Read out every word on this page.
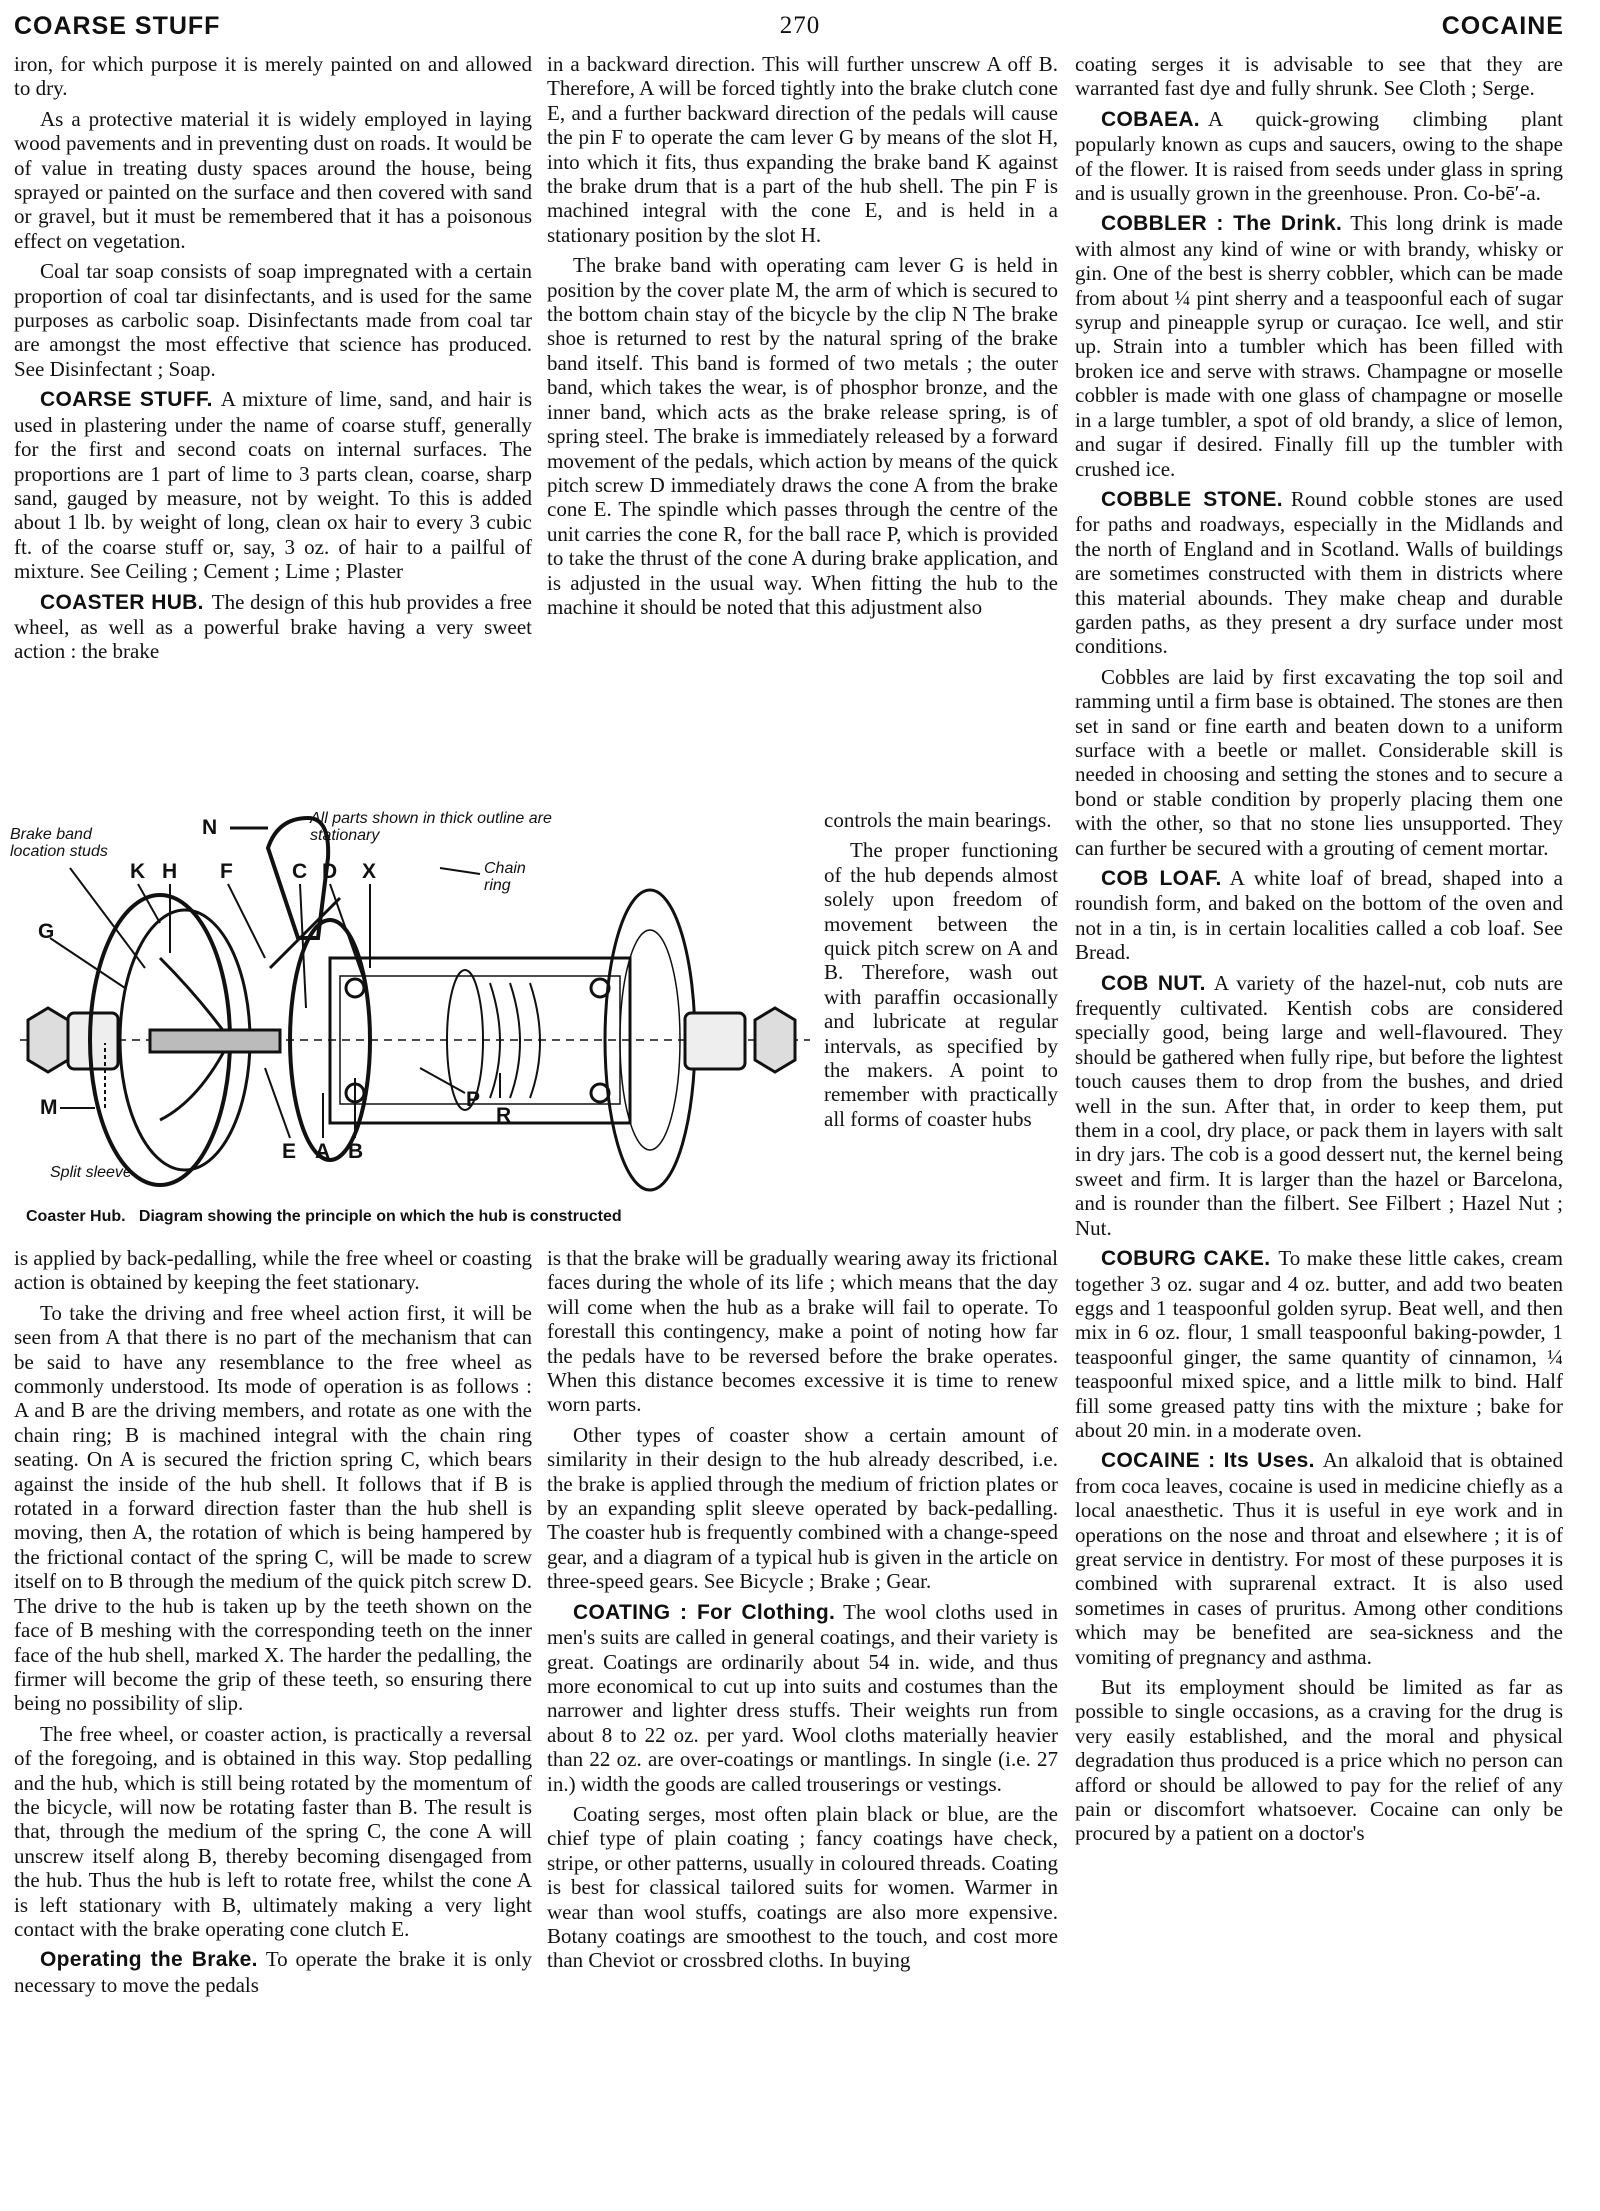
COARSE STUFF	270	COCAINE

iron, for which purpose it is merely painted on and allowed to dry.

As a protective material it is widely employed in laying wood pavements and in preventing dust on roads. It would be of value in treating dusty spaces around the house, being sprayed or painted on the surface and then covered with sand or gravel, but it must be remembered that it has a poisonous effect on vegetation.

Coal tar soap consists of soap impregnated with a certain proportion of coal tar disinfectants, and is used for the same purposes as carbolic soap. Disinfectants made from coal tar are amongst the most effective that science has produced. See Disinfectant ; Soap.

COARSE STUFF. A mixture of lime, sand, and hair is used in plastering under the name of coarse stuff, generally for the first and second coats on internal surfaces. The proportions are 1 part of lime to 3 parts clean, coarse, sharp sand, gauged by measure, not by weight. To this is added about 1 lb. by weight of long, clean ox hair to every 3 cubic ft. of the coarse stuff or, say, 3 oz. of hair to a pailful of mixture. See Ceiling ; Cement ; Lime ; Plaster

COASTER HUB. The design of this hub provides a free wheel, as well as a powerful brake having a very sweet action : the brake

in a backward direction. This will further unscrew A off B. Therefore, A will be forced tightly into the brake clutch cone E, and a further backward direction of the pedals will cause the pin F to operate the cam lever G by means of the slot H, into which it fits, thus expanding the brake band K against the brake drum that is a part of the hub shell. The pin F is machined integral with the cone E, and is held in a stationary position by the slot H.

The brake band with operating cam lever G is held in position by the cover plate M, the arm of which is secured to the bottom chain stay of the bicycle by the clip N The brake shoe is returned to rest by the natural spring of the brake band itself. This band is formed of two metals ; the outer band, which takes the wear, is of phosphor bronze, and the inner band, which acts as the brake release spring, is of spring steel. The brake is immediately released by a forward movement of the pedals, which action by means of the quick pitch screw D immediately draws the cone A from the brake cone E. The spindle which passes through the centre of the unit carries the cone R, for the ball race P, which is provided to take the thrust of the cone A during brake application, and is adjusted in the usual way. When fitting the hub to the machine it should be noted that this adjustment also

controls the main bearings.

The proper functioning of the hub depends almost solely upon freedom of movement between the quick pitch screw on A and B. Therefore, wash out with paraffin occasionally and lubricate at regular intervals, as specified by the makers. A point to remember with practically all forms of coaster hubs

is applied by back-pedalling, while the free wheel or coasting action is obtained by keeping the feet stationary.

To take the driving and free wheel action first, it will be seen from A that there is no part of the mechanism that can be said to have any resemblance to the free wheel as commonly understood. Its mode of operation is as follows : A and B are the driving members, and rotate as one with the chain ring; B is machined integral with the chain ring seating. On A is secured the friction spring C, which bears against the inside of the hub shell. It follows that if B is rotated in a forward direction faster than the hub shell is moving, then A, the rotation of which is being hampered by the frictional contact of the spring C, will be made to screw itself on to B through the medium of the quick pitch screw D. The drive to the hub is taken up by the teeth shown on the face of B meshing with the corresponding teeth on the inner face of the hub shell, marked X. The harder the pedalling, the firmer will become the grip of these teeth, so ensuring there being no possibility of slip.

The free wheel, or coaster action, is practically a reversal of the foregoing, and is obtained in this way. Stop pedalling and the hub, which is still being rotated by the momentum of the bicycle, will now be rotating faster than B. The result is that, through the medium of the spring C, the cone A will unscrew itself along B, thereby becoming disengaged from the hub. Thus the hub is left to rotate free, whilst the cone A is left stationary with B, ultimately making a very light contact with the brake operating cone clutch E.

Operating the Brake. To operate the brake it is only necessary to move the pedals

is that the brake will be gradually wearing away its frictional faces during the whole of its life ; which means that the day will come when the hub as a brake will fail to operate. To forestall this contingency, make a point of noting how far the pedals have to be reversed before the brake operates. When this distance becomes excessive it is time to renew worn parts.

Other types of coaster show a certain amount of similarity in their design to the hub already described, i.e. the brake is applied through the medium of friction plates or by an expanding split sleeve operated by back-pedalling. The coaster hub is frequently combined with a change-speed gear, and a diagram of a typical hub is given in the article on three-speed gears. See Bicycle ; Brake ; Gear.

COATING : For Clothing. The wool cloths used in men's suits are called in general coatings, and their variety is great. Coatings are ordinarily about 54 in. wide, and thus more economical to cut up into suits and costumes than the narrower and lighter dress stuffs. Their weights run from about 8 to 22 oz. per yard. Wool cloths materially heavier than 22 oz. are over-coatings or mantlings. In single (i.e. 27 in.) width the goods are called trouserings or vestings.

Coating serges, most often plain black or blue, are the chief type of plain coating ; fancy coatings have check, stripe, or other patterns, usually in coloured threads. Coating is best for classical tailored suits for women. Warmer in wear than wool stuffs, coatings are also more expensive. Botany coatings are smoothest to the touch, and cost more than Cheviot or crossbred cloths. In buying

coating serges it is advisable to see that they are warranted fast dye and fully shrunk. See Cloth ; Serge.

COBAEA. A quick-growing climbing plant popularly known as cups and saucers, owing to the shape of the flower. It is raised from seeds under glass in spring and is usually grown in the greenhouse. Pron. Co-bē′-a.

COBBLER : The Drink. This long drink is made with almost any kind of wine or with brandy, whisky or gin. One of the best is sherry cobbler, which can be made from about ¼ pint sherry and a teaspoonful each of sugar syrup and pineapple syrup or curaçao. Ice well, and stir up. Strain into a tumbler which has been filled with broken ice and serve with straws. Champagne or moselle cobbler is made with one glass of champagne or moselle in a large tumbler, a spot of old brandy, a slice of lemon, and sugar if desired. Finally fill up the tumbler with crushed ice.

COBBLE STONE. Round cobble stones are used for paths and roadways, especially in the Midlands and the north of England and in Scotland. Walls of buildings are sometimes constructed with them in districts where this material abounds. They make cheap and durable garden paths, as they present a dry surface under most conditions.

Cobbles are laid by first excavating the top soil and ramming until a firm base is obtained. The stones are then set in sand or fine earth and beaten down to a uniform surface with a beetle or mallet. Considerable skill is needed in choosing and setting the stones and to secure a bond or stable condition by properly placing them one with the other, so that no stone lies unsupported. They can further be secured with a grouting of cement mortar.

COB LOAF. A white loaf of bread, shaped into a roundish form, and baked on the bottom of the oven and not in a tin, is in certain localities called a cob loaf. See Bread.

COB NUT. A variety of the hazel-nut, cob nuts are frequently cultivated. Kentish cobs are considered specially good, being large and well-flavoured. They should be gathered when fully ripe, but before the lightest touch causes them to drop from the bushes, and dried well in the sun. After that, in order to keep them, put them in a cool, dry place, or pack them in layers with salt in dry jars. The cob is a good dessert nut, the kernel being sweet and firm. It is larger than the hazel or Barcelona, and is rounder than the filbert. See Filbert ; Hazel Nut ; Nut.

COBURG CAKE. To make these little cakes, cream together 3 oz. sugar and 4 oz. butter, and add two beaten eggs and 1 teaspoonful golden syrup. Beat well, and then mix in 6 oz. flour, 1 small teaspoonful baking-powder, 1 teaspoonful ginger, the same quantity of cinnamon, ¼ teaspoonful mixed spice, and a little milk to bind. Half fill some greased patty tins with the mixture ; bake for about 20 min. in a moderate oven.

COCAINE : Its Uses. An alkaloid that is obtained from coca leaves, cocaine is used in medicine chiefly as a local anaesthetic. Thus it is useful in eye work and in operations on the nose and throat and elsewhere ; it is of great service in dentistry. For most of these purposes it is combined with suprarenal extract. It is also used sometimes in cases of pruritus. Among other conditions which may be benefited are sea-sickness and the vomiting of pregnancy and asthma.

But its employment should be limited as far as possible to single occasions, as a craving for the drug is very easily established, and the moral and physical degradation thus produced is a price which no person can afford or should be allowed to pay for the relief of any pain or discomfort whatsoever. Cocaine can only be procured by a patient on a doctor's

N	All parts shown in thick outline are stationary
Brake band location studs
K H F
G
M
C D X	Chain ring
E A B
P
R
Split sleeve
Coaster Hub.   Diagram showing the principle on which the hub is constructed
